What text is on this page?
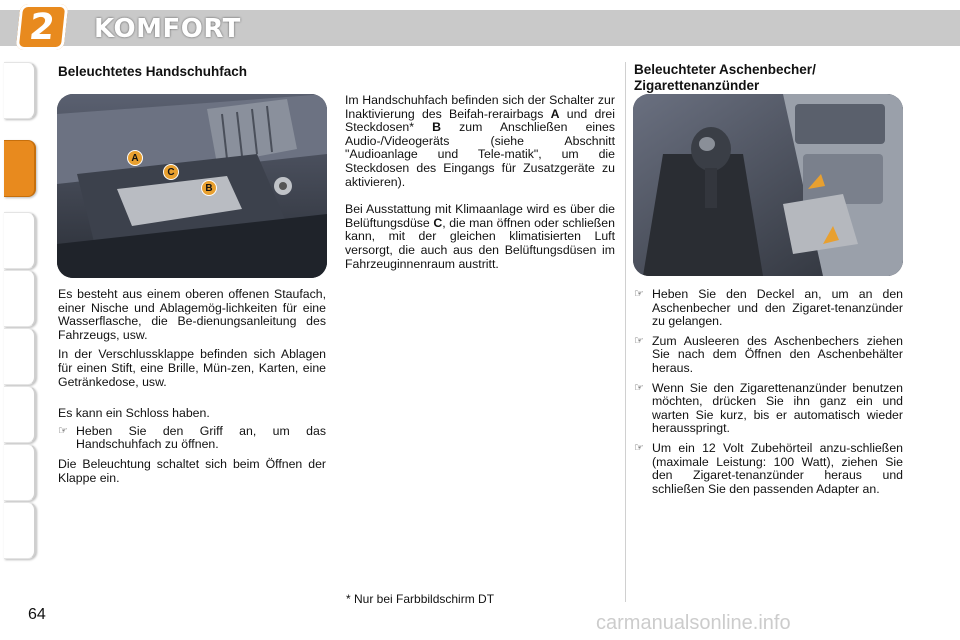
2	KOMFORT
Beleuchtetes Handschuhfach
A
C
B

Es besteht aus einem oberen offenen Staufach, einer Nische und Ablagemög-lichkeiten für eine Wasserflasche, die Be-dienungsanleitung des Fahrzeugs, usw.

In der Verschlussklappe befinden sich Ablagen für einen Stift, eine Brille, Mün-zen, Karten, eine Getränkedose, usw.

Es kann ein Schloss haben.

☞ Heben Sie den Griff an, um das Handschuhfach zu öffnen.

Die Beleuchtung schaltet sich beim Öffnen der Klappe ein.

Im Handschuhfach befinden sich der Schalter zur Inaktivierung des Beifah-rerairbags A und drei Steckdosen* B zum Anschließen eines Audio-/Videogeräts (siehe Abschnitt "Audioanlage und Tele-matik", um die Steckdosen des Eingangs für Zusatzgeräte zu aktivieren).

Bei Ausstattung mit Klimaanlage wird es über die Belüftungsdüse C, die man öffnen oder schließen kann, mit der gleichen klimatisierten Luft versorgt, die auch aus den Belüftungsdüsen im Fahrzeuginnenraum austritt.

Beleuchteter Aschenbecher/ Zigarettenanzünder
☞ Heben Sie den Deckel an, um an den Aschenbecher und den Zigaret-tenanzünder zu gelangen.
☞ Zum Ausleeren des Aschenbechers ziehen Sie nach dem Öffnen den Aschenbehälter heraus.
☞ Wenn Sie den Zigarettenanzünder benutzen möchten, drücken Sie ihn ganz ein und warten Sie kurz, bis er automatisch wieder herausspringt.
☞ Um ein 12 Volt Zubehörteil anzu-schließen (maximale Leistung: 100 Watt), ziehen Sie den Zigaret-tenanzünder heraus und schließen Sie den passenden Adapter an.
* Nur bei Farbbildschirm DT
64	carmanualsonline.info
